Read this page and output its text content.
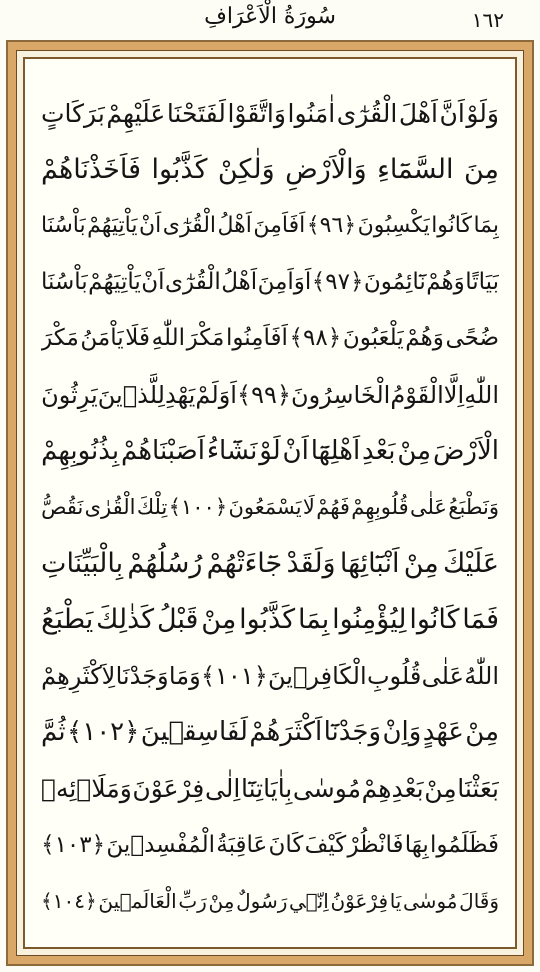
سُورَةُ الْاَعْرَافِ	١٦٢
وَلَوْ
اَنَّ
اَهْلَ
الْقُرٰٓى
اٰمَنُوا
وَاتَّقَوْا
لَفَتَحْنَا
عَلَيْهِمْ
بَرَكَاتٍ
مِنَ
السَّمَٓاءِ
وَالْاَرْضِ
وَلٰكِنْ
كَذَّبُوا
فَاَخَذْنَاهُمْ
بِمَا
كَانُوا
يَكْسِبُونَ
﴿٩٦﴾
اَفَاَمِنَ
اَهْلُ
الْقُرٰٓى
اَنْ
يَاْتِيَهُمْ
بَاْسُنَا
بَيَاتًا
وَهُمْ
نَٓائِمُونَ
﴿٩٧﴾
اَوَاَمِنَ
اَهْلُ
الْقُرٰٓى
اَنْ
يَاْتِيَهُمْ
بَاْسُنَا
ضُحًى
وَهُمْ
يَلْعَبُونَ
﴿٩٨﴾
اَفَاَمِنُوا
مَكْرَ
اللّٰهِ
فَلَا
يَاْمَنُ
مَكْرَ
اللّٰهِ
اِلَّا
الْقَوْمُ
الْخَاسِرُونَ
﴿٩٩﴾
اَوَلَمْ
يَهْدِ
لِلَّذ۪ينَ
يَرِثُونَ
الْاَرْضَ
مِنْ
بَعْدِ
اَهْلِهَٓا
اَنْ
لَوْ
نَشَٓاءُ
اَصَبْنَاهُمْ
بِذُنُوبِهِمْ
وَنَطْبَعُ
عَلٰى
قُلُوبِهِمْ
فَهُمْ
لَا
يَسْمَعُونَ
﴿١٠٠﴾
تِلْكَ
الْقُرٰى
نَقُصُّ
عَلَيْكَ
مِنْ
اَنْبَٓائِهَا
وَلَقَدْ
جَٓاءَتْهُمْ
رُسُلُهُمْ
بِالْبَيِّنَاتِ
فَمَا
كَانُوا
لِيُؤْمِنُوا
بِمَا
كَذَّبُوا
مِنْ
قَبْلُ
كَذٰلِكَ
يَطْبَعُ
اللّٰهُ
عَلٰى
قُلُوبِ
الْكَافِر۪ينَ
﴿١٠١﴾
وَمَا
وَجَدْنَا
لِاَكْثَرِهِمْ
مِنْ
عَهْدٍ
وَاِنْ
وَجَدْنَٓا
اَكْثَرَهُمْ
لَفَاسِق۪ينَ
﴿١٠٢﴾
ثُمَّ
بَعَثْنَا
مِنْ
بَعْدِهِمْ
مُوسٰى
بِاٰيَاتِنَٓا
اِلٰى
فِرْعَوْنَ
وَمَلَا۬ئِه۪
فَظَلَمُوا
بِهَا
فَانْظُرْ
كَيْفَ
كَانَ
عَاقِبَةُ
الْمُفْسِد۪ينَ
﴿١٠٣﴾
وَقَالَ
مُوسٰى
يَا
فِرْعَوْنُ
اِنّ۪ي
رَسُولٌ
مِنْ
رَبِّ
الْعَالَم۪ينَ
﴿١٠٤﴾
